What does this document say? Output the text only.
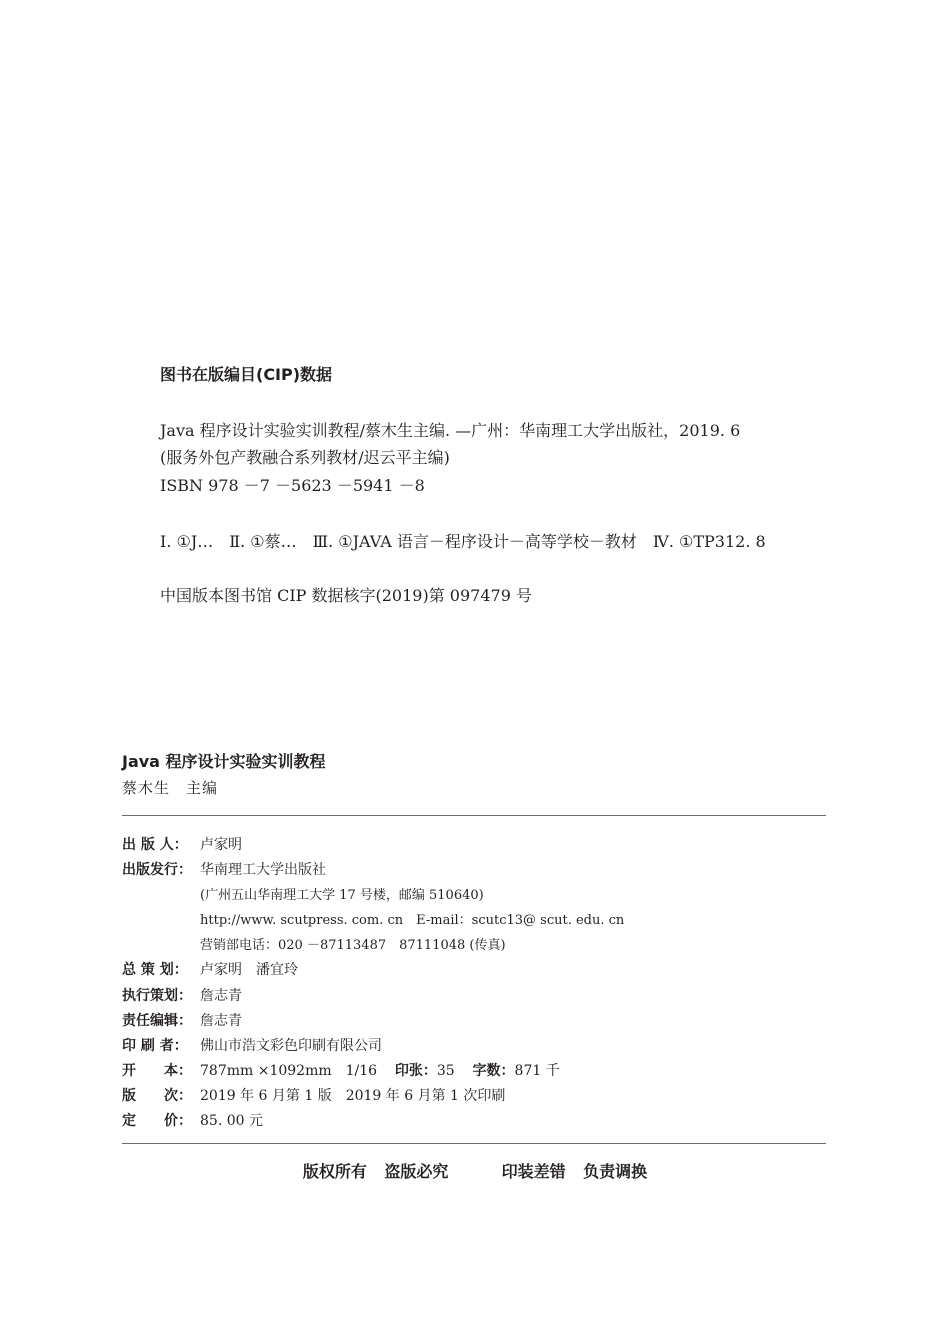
图书在版编目(CIP)数据
Java 程序设计实验实训教程/蔡木生主编. —广州：华南理工大学出版社，2019. 6
(服务外包产教融合系列教材/迟云平主编)
ISBN 978 －7 －5623 －5941 －8
Ⅰ. ①J…　Ⅱ. ①蔡…　Ⅲ. ①JAVA 语言－程序设计－高等学校－教材　Ⅳ. ①TP312. 8
中国版本图书馆 CIP 数据核字(2019)第 097479 号
Java 程序设计实验实训教程
蔡木生　主编
出 版 人： 卢家明
出版发行： 华南理工大学出版社
(广州五山华南理工大学 17 号楼，邮编 510640)
http://www. scutpress. com. cn　E-mail：scutc13@ scut. edu. cn
营销部电话：020 －87113487　87111048 (传真)
总 策 划： 卢家明　潘宜玲
执行策划： 詹志青
责任编辑： 詹志青
印 刷 者： 佛山市浩文彩色印刷有限公司
开　　本： 787mm ×1092mm　1/16 印张：35 字数：871 千
版　　次： 2019 年 6 月第 1 版　2019 年 6 月第 1 次印刷
定　　价： 85. 00 元
版权所有 盗版必究	印装差错 负责调换
